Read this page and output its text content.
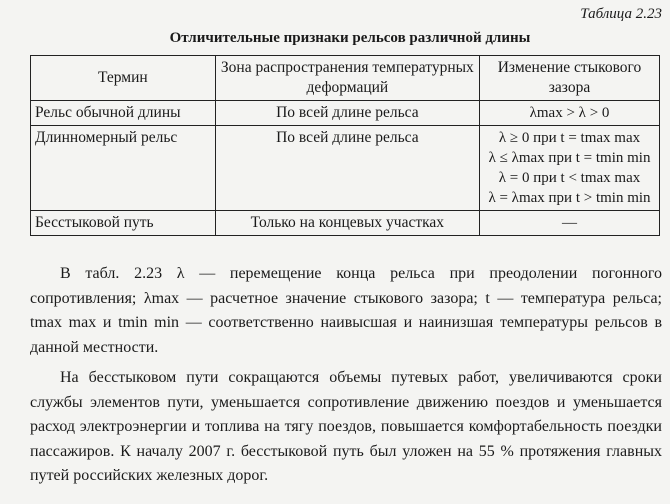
Таблица 2.23
Отличительные признаки рельсов различной длины
Термин	Зона распространения температурных деформаций	Изменение стыкового зазора
Рельс обычной длины	По всей длине рельса	λmax > λ > 0

Длинномерный рельс	По всей длине рельса	λ ≥ 0 при t = tmax max
λ ≤ λmax при t = tmin min
λ = 0 при t < tmax max
λ = λmax при t > tmin min

Бесстыковой путь	Только на концевых участках	—

В табл. 2.23 λ — перемещение конца рельса при преодолении погонного сопротивления; λmax — расчетное значение стыкового зазора; t — температура рельса; tmax max и tmin min — соответственно наивысшая и наинизшая температуры рельсов в данной местности.

На бесстыковом пути сокращаются объемы путевых работ, увеличиваются сроки службы элементов пути, уменьшается сопротивление движению поездов и уменьшается расход электроэнергии и топлива на тягу поездов, повышается комфортабельность поездки пассажиров. К началу 2007 г. бесстыковой путь был уложен на 55 % протяжения главных путей российских железных дорог.
